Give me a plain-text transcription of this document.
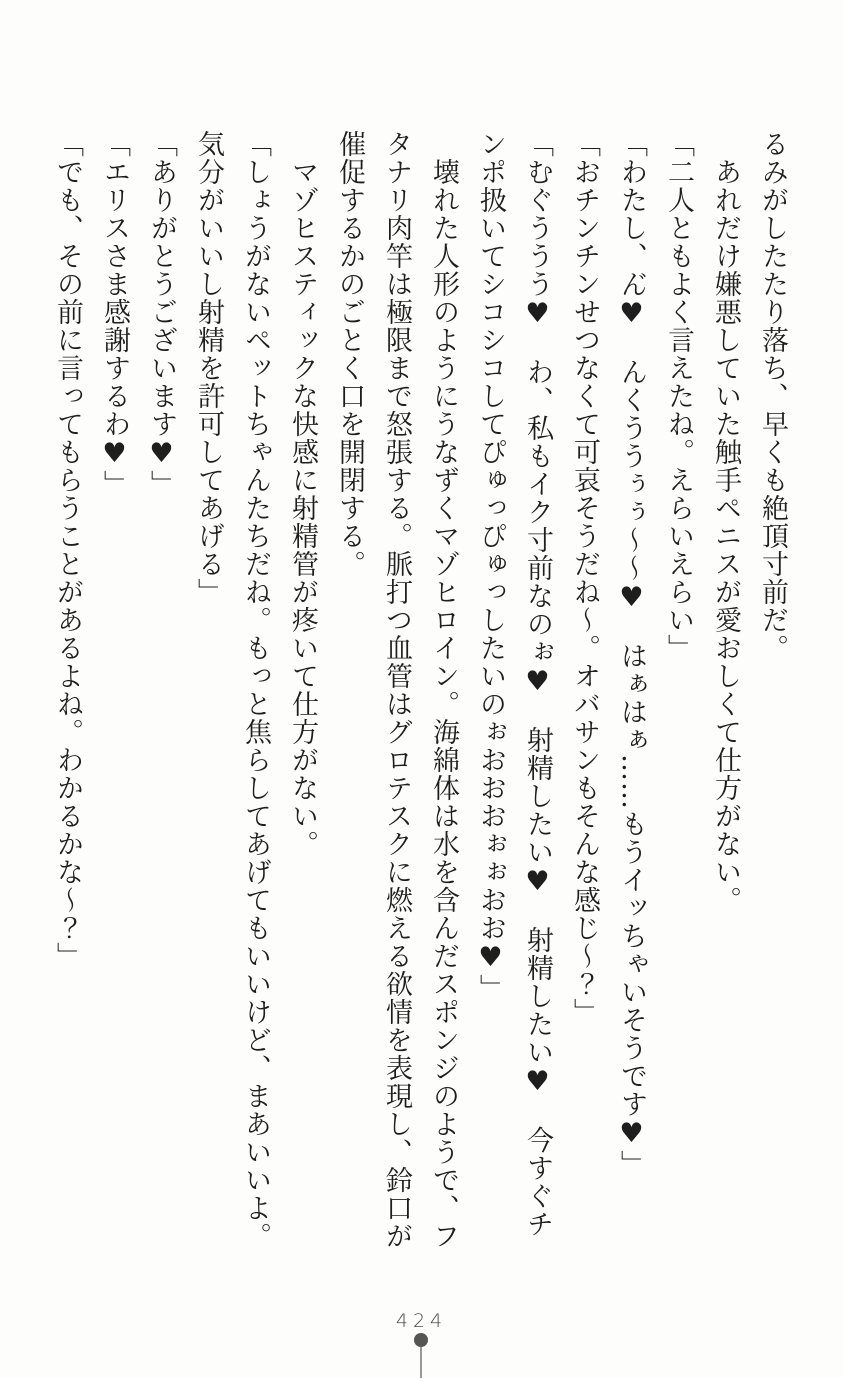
るみがしたたり落ち、早くも絶頂寸前だ。
あれだけ嫌悪していた触手ペニスが愛おしくて仕方がない。
「二人ともよく言えたね。えらいえらい」
「わたし、ん゙♥　んくううぅぅ～～♥　はぁはぁ……もうイッちゃいそうです♥」
「おチンチンせつなくて可哀そうだね～。オバサンもそんな感じ～？」
「むぐううう♥　わ、私もイク寸前なのぉ♥　射精したい♥　射精したい♥　今すぐチ
ンポ扱いてシコシコしてぴゅっぴゅっしたいのぉおおおぉぉおお♥」
壊れた人形のようにうなずくマゾヒロイン。海綿体は水を含んだスポンジのようで、フ
タナリ肉竿は極限まで怒張する。脈打つ血管はグロテスクに燃える欲情を表現し、鈴口が
催促するかのごとく口を開閉する。
マゾヒスティックな快感に射精管が疼いて仕方がない。
「しょうがないペットちゃんたちだね。もっと焦らしてあげてもいいけど、まあいいよ。
気分がいいし射精を許可してあげる」
「ありがとうございます♥」
「エリスさま感謝するわ♥」
「でも、その前に言ってもらうことがあるよね。わかるかな～？」
424
